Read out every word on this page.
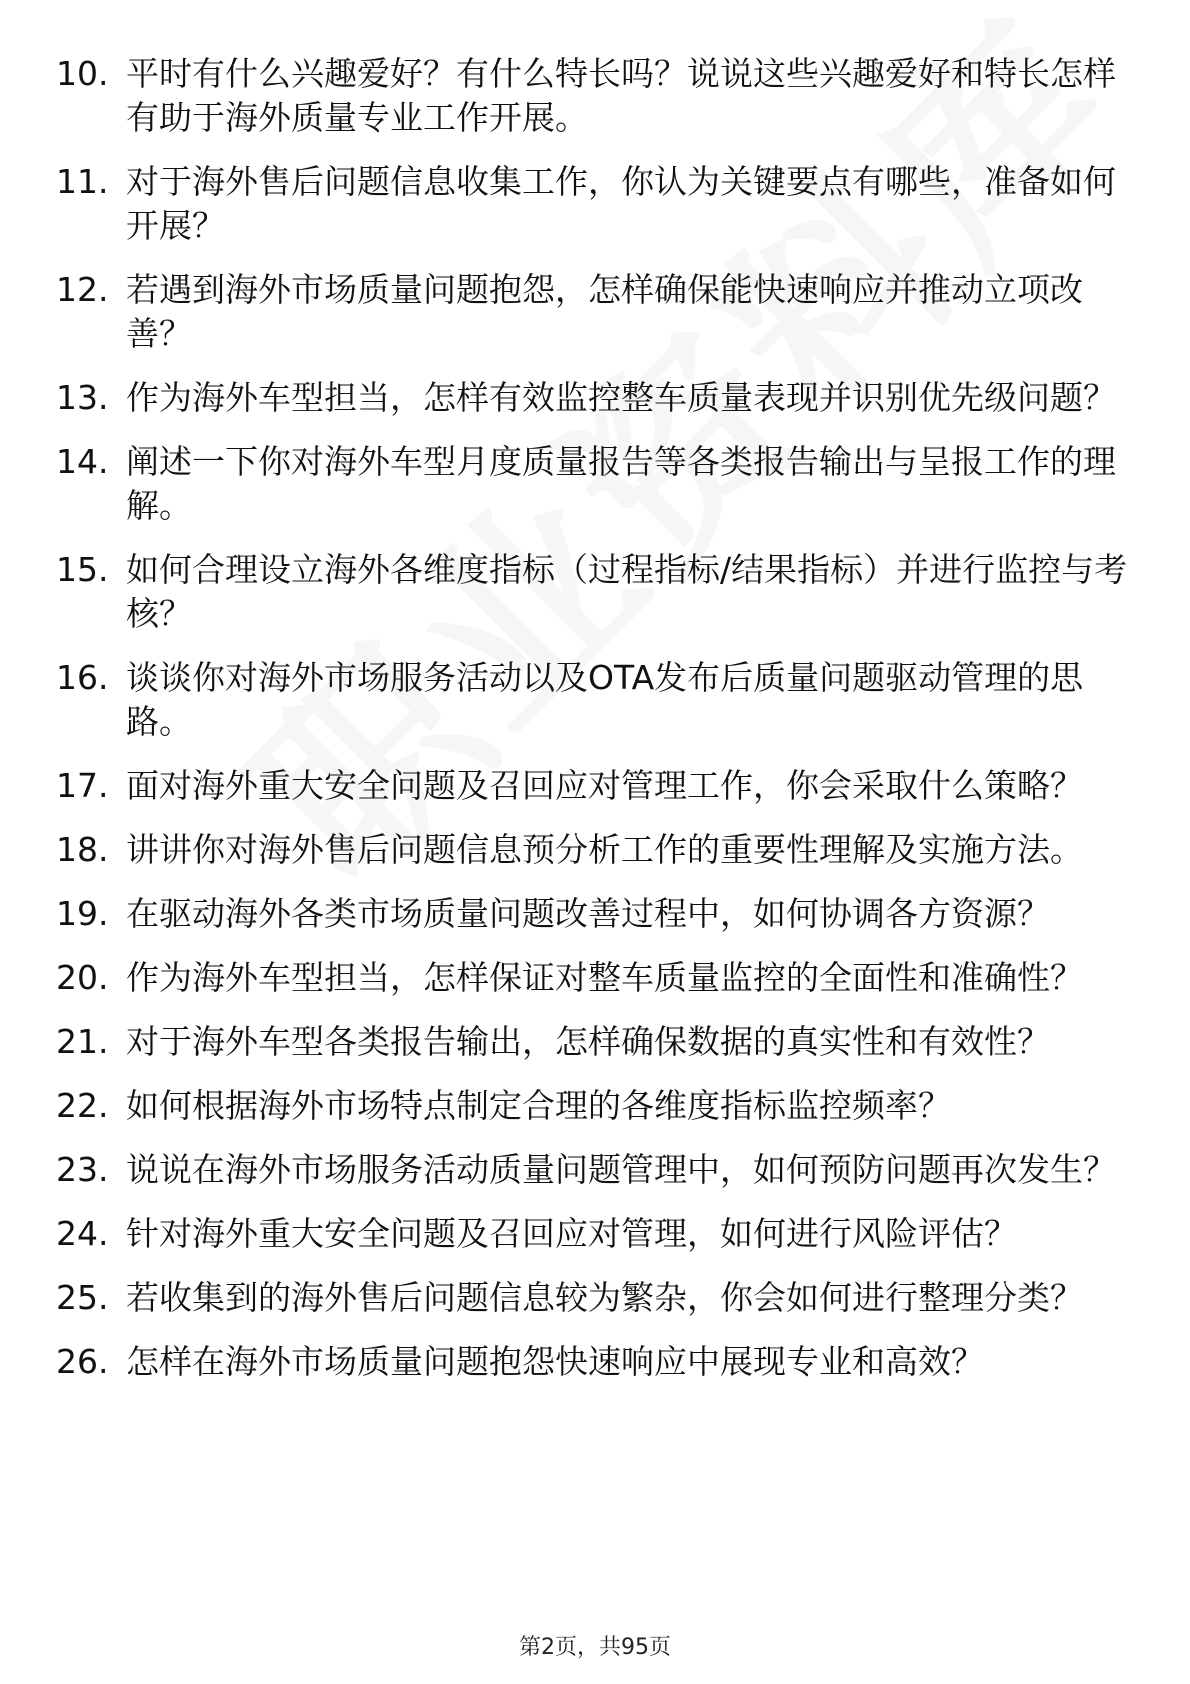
10. 平时有什么兴趣爱好？有什么特长吗？说说这些兴趣爱好和特长怎样有助于海外质量专业工作开展。
11. 对于海外售后问题信息收集工作，你认为关键要点有哪些，准备如何开展？
12. 若遇到海外市场质量问题抱怨，怎样确保能快速响应并推动立项改善？
13. 作为海外车型担当，怎样有效监控整车质量表现并识别优先级问题？
14. 阐述一下你对海外车型月度质量报告等各类报告输出与呈报工作的理解。
15. 如何合理设立海外各维度指标（过程指标/结果指标）并进行监控与考核？
16. 谈谈你对海外市场服务活动以及OTA发布后质量问题驱动管理的思路。
17. 面对海外重大安全问题及召回应对管理工作，你会采取什么策略？
18. 讲讲你对海外售后问题信息预分析工作的重要性理解及实施方法。
19. 在驱动海外各类市场质量问题改善过程中，如何协调各方资源？
20. 作为海外车型担当，怎样保证对整车质量监控的全面性和准确性？
21. 对于海外车型各类报告输出，怎样确保数据的真实性和有效性？
22. 如何根据海外市场特点制定合理的各维度指标监控频率？
23. 说说在海外市场服务活动质量问题管理中，如何预防问题再次发生？
24. 针对海外重大安全问题及召回应对管理，如何进行风险评估？
25. 若收集到的海外售后问题信息较为繁杂，你会如何进行整理分类？
26. 怎样在海外市场质量问题抱怨快速响应中展现专业和高效？
第2页，共95页
